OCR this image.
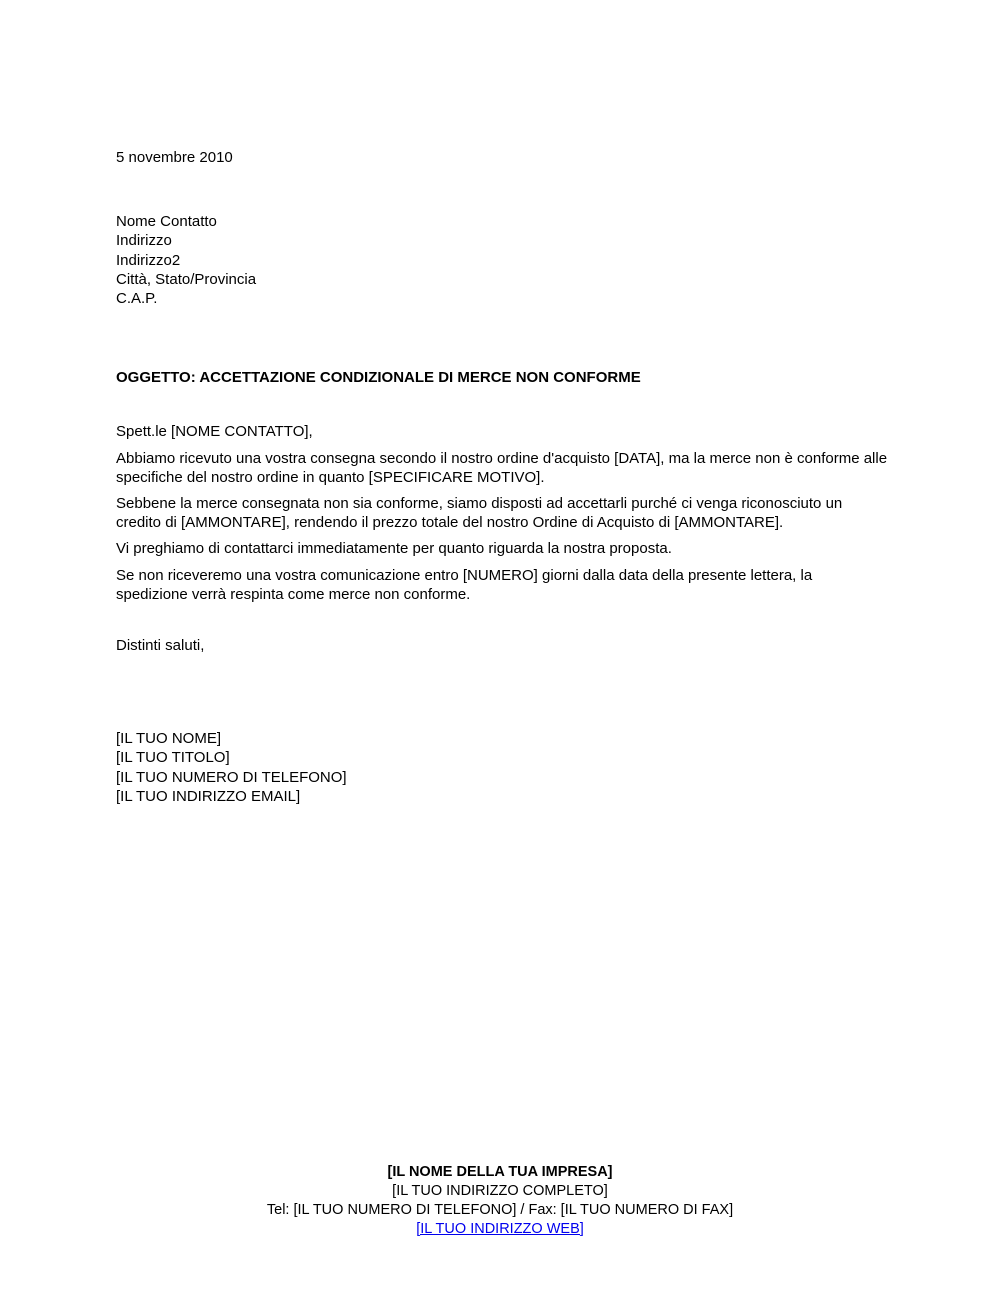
5 novembre 2010
Nome Contatto
Indirizzo
Indirizzo2
Città, Stato/Provincia
C.A.P.
OGGETTO: ACCETTAZIONE CONDIZIONALE DI MERCE NON CONFORME
Spett.le [NOME CONTATTO],

Abbiamo ricevuto una vostra consegna secondo il nostro ordine d'acquisto [DATA], ma la merce non è conforme alle specifiche del nostro ordine in quanto [SPECIFICARE MOTIVO].

Sebbene la merce consegnata non sia conforme, siamo disposti ad accettarli purché ci venga riconosciuto un credito di [AMMONTARE], rendendo il prezzo totale del nostro Ordine di Acquisto di [AMMONTARE].

Vi preghiamo di contattarci immediatamente per quanto riguarda la nostra proposta.

Se non riceveremo una vostra comunicazione entro [NUMERO] giorni dalla data della presente lettera, la spedizione verrà respinta come merce non conforme.

Distinti saluti,
[IL TUO NOME]
[IL TUO TITOLO]
[IL TUO NUMERO DI TELEFONO]
[IL TUO INDIRIZZO EMAIL]
[IL NOME DELLA TUA IMPRESA]
[IL TUO INDIRIZZO COMPLETO]
Tel: [IL TUO NUMERO DI TELEFONO] / Fax: [IL TUO NUMERO DI FAX]
[IL TUO INDIRIZZO WEB]
